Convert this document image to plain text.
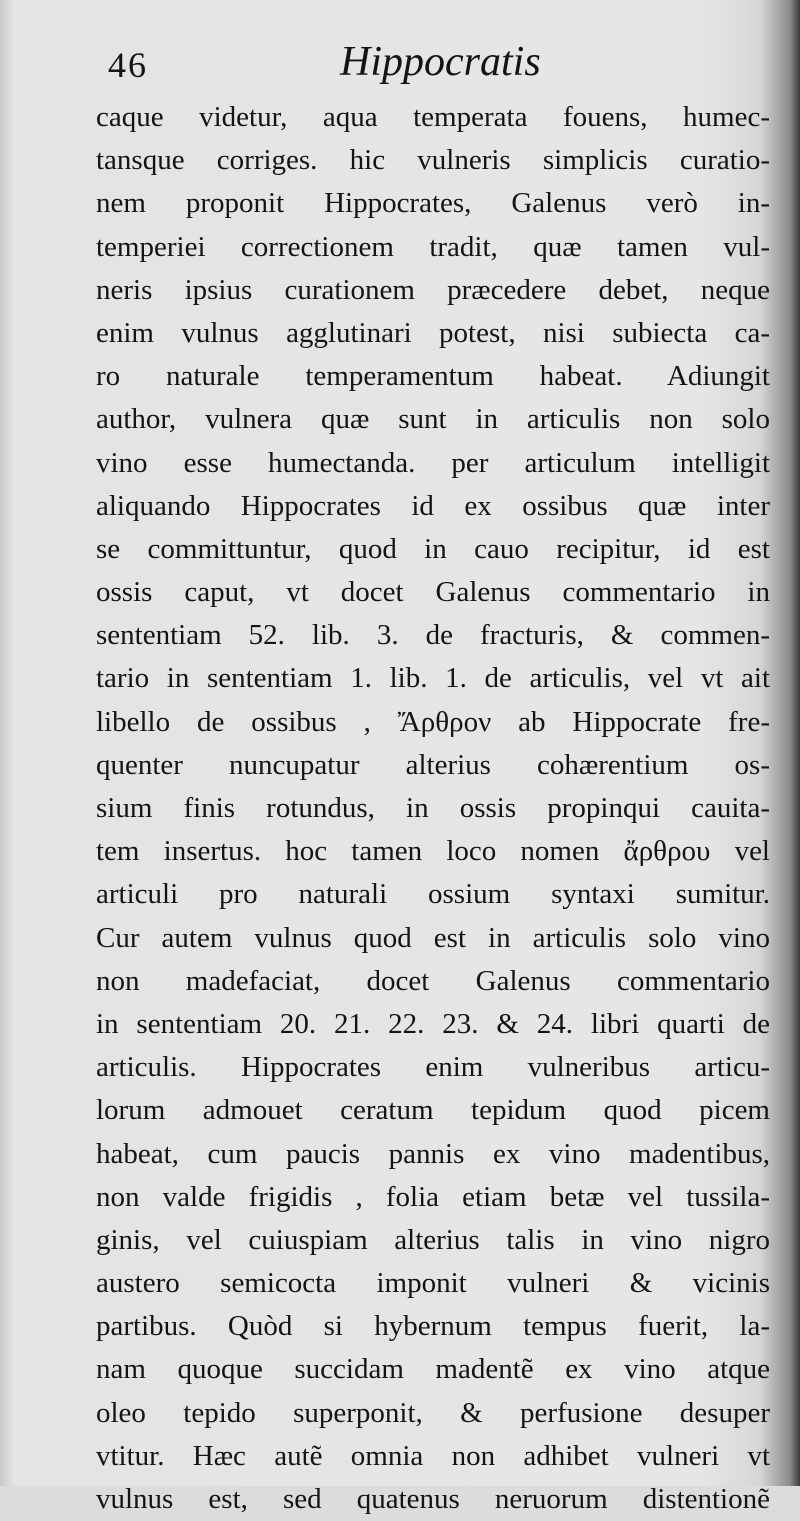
46	Hippocratis
caque videtur, aqua temperata fouens, humec-
tansque corriges. hic vulneris simplicis curatio-
nem proponit Hippocrates, Galenus verò in-
temperiei correctionem tradit, quæ tamen vul-
neris ipsius curationem præcedere debet, neque
enim vulnus agglutinari potest, nisi subiecta ca-
ro naturale temperamentum habeat. Adiungit
author, vulnera quæ sunt in articulis non solo
vino esse humectanda. per articulum intelligit
aliquando Hippocrates id ex ossibus quæ inter
se committuntur, quod in cauo recipitur, id est
ossis caput, vt docet Galenus commentario in
sententiam 52. lib. 3. de fracturis, & commen-
tario in sententiam 1. lib. 1. de articulis, vel vt ait
libello de ossibus , Ἄρθρον ab Hippocrate fre-
quenter nuncupatur alterius cohærentium os-
sium finis rotundus, in ossis propinqui cauita-
tem insertus. hoc tamen loco nomen ἄρθρου vel
articuli pro naturali ossium syntaxi sumitur.
Cur autem vulnus quod est in articulis solo vino
non madefaciat, docet Galenus commentario
in sententiam 20. 21. 22. 23. & 24. libri quarti de
articulis. Hippocrates enim vulneribus articu-
lorum admouet ceratum tepidum quod picem
habeat, cum paucis pannis ex vino madentibus,
non valde frigidis , folia etiam betæ vel tussila-
ginis, vel cuiuspiam alterius talis in vino nigro
austero semicocta imponit vulneri & vicinis
partibus. Quòd si hybernum tempus fuerit, la-
nam quoque succidam madentẽ ex vino atque
oleo tepido superponit, & perfusione desuper
vtitur. Hæc autẽ omnia non adhibet vulneri vt
vulnus est, sed quatenus neruorum distentionẽ
